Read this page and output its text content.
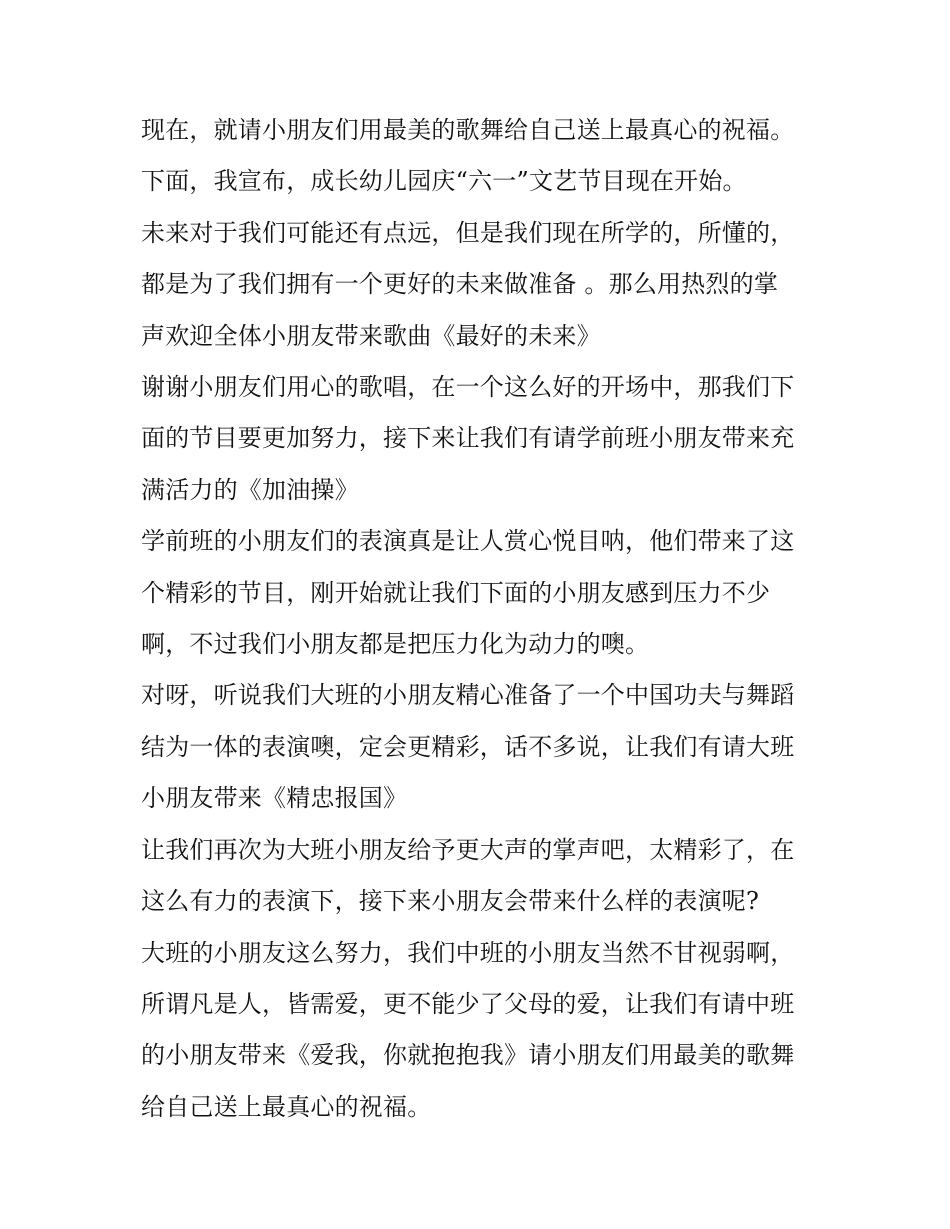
现在，就请小朋友们用最美的歌舞给自己送上最真心的祝福。
下面，我宣布，成长幼儿园庆“六一”文艺节目现在开始。
未来对于我们可能还有点远，但是我们现在所学的，所懂的，
都是为了我们拥有一个更好的未来做准备 。那么用热烈的掌
声欢迎全体小朋友带来歌曲《最好的未来》
谢谢小朋友们用心的歌唱，在一个这么好的开场中，那我们下
面的节目要更加努力，接下来让我们有请学前班小朋友带来充
满活力的《加油操》
学前班的小朋友们的表演真是让人赏心悦目呐，他们带来了这
个精彩的节目，刚开始就让我们下面的小朋友感到压力不少
啊，不过我们小朋友都是把压力化为动力的噢。
对呀，听说我们大班的小朋友精心准备了一个中国功夫与舞蹈
结为一体的表演噢，定会更精彩，话不多说，让我们有请大班
小朋友带来《精忠报国》
让我们再次为大班小朋友给予更大声的掌声吧，太精彩了，在
这么有力的表演下，接下来小朋友会带来什么样的表演呢?
大班的小朋友这么努力，我们中班的小朋友当然不甘视弱啊，
所谓凡是人，皆需爱，更不能少了父母的爱，让我们有请中班
的小朋友带来《爱我，你就抱抱我》请小朋友们用最美的歌舞
给自己送上最真心的祝福。
